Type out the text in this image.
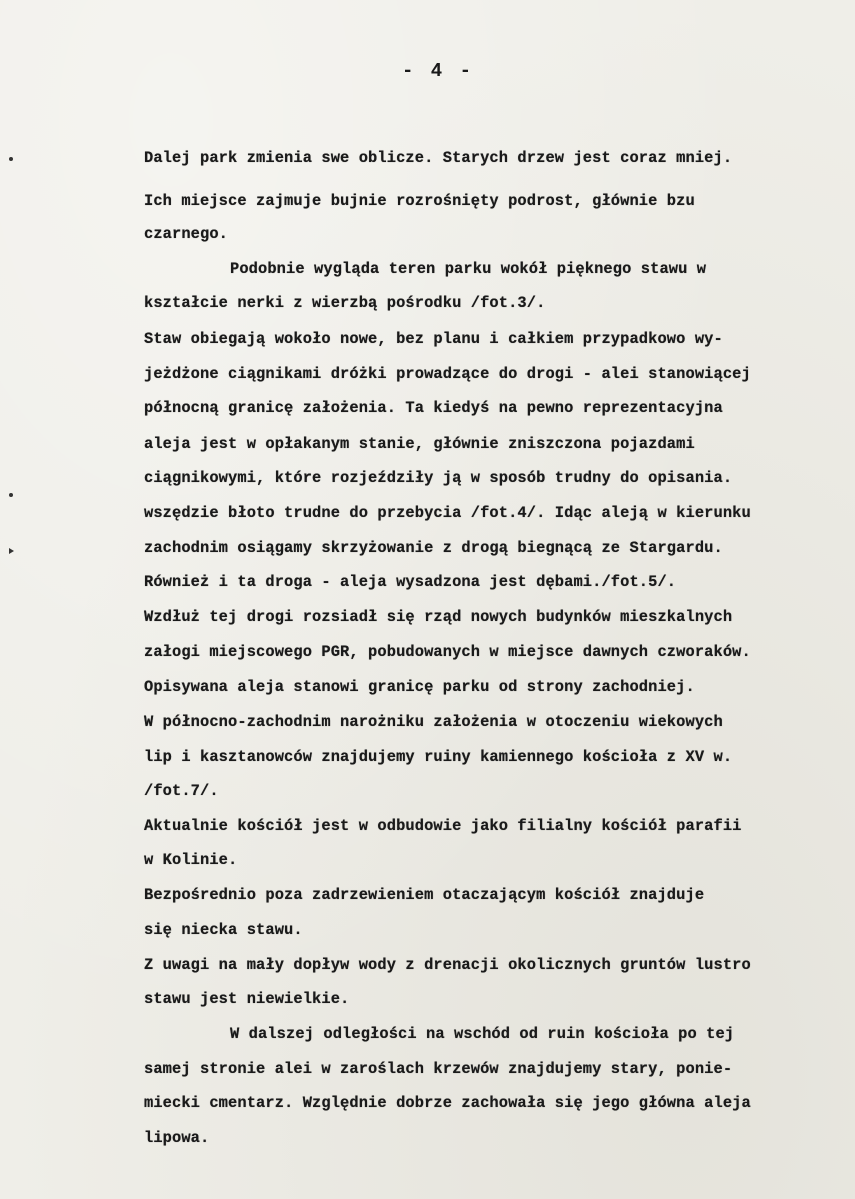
- 4 -
Dalej park zmienia swe oblicze. Starych drzew jest coraz mniej.
Ich miejsce zajmuje bujnie rozrośnięty podrost, głównie bzu
czarnego.
Podobnie wygląda teren parku wokół pięknego stawu w
kształcie nerki z wierzbą pośrodku /fot.3/.
Staw obiegają wokoło nowe, bez planu i całkiem przypadkowo wy-
jeżdżone ciągnikami dróżki prowadzące do drogi - alei stanowiącej
północną granicę założenia. Ta kiedyś na pewno reprezentacyjna
aleja jest w opłakanym stanie, głównie zniszczona pojazdami
ciągnikowymi, które rozjeździły ją w sposób trudny do opisania.
wszędzie błoto trudne do przebycia /fot.4/. Idąc aleją w kierunku
zachodnim osiągamy skrzyżowanie z drogą biegnącą ze Stargardu.
Również i ta droga - aleja wysadzona jest dębami./fot.5/.
Wzdłuż tej drogi rozsiadł się rząd nowych budynków mieszkalnych
załogi miejscowego PGR, pobudowanych w miejsce dawnych czworaków.
Opisywana aleja stanowi granicę parku od strony zachodniej.
W północno-zachodnim narożniku założenia w otoczeniu wiekowych
lip i kasztanowców znajdujemy ruiny kamiennego kościoła z XV w.
/fot.7/.
Aktualnie kościół jest w odbudowie jako filialny kościół parafii
w Kolinie.
Bezpośrednio poza zadrzewieniem otaczającym kościół znajduje
się niecka stawu.
Z uwagi na mały dopływ wody z drenacji okolicznych gruntów lustro
stawu jest niewielkie.
W dalszej odległości na wschód od ruin kościoła po tej
samej stronie alei w zaroślach krzewów znajdujemy stary, ponie-
miecki cmentarz. Względnie dobrze zachowała się jego główna aleja
lipowa.
